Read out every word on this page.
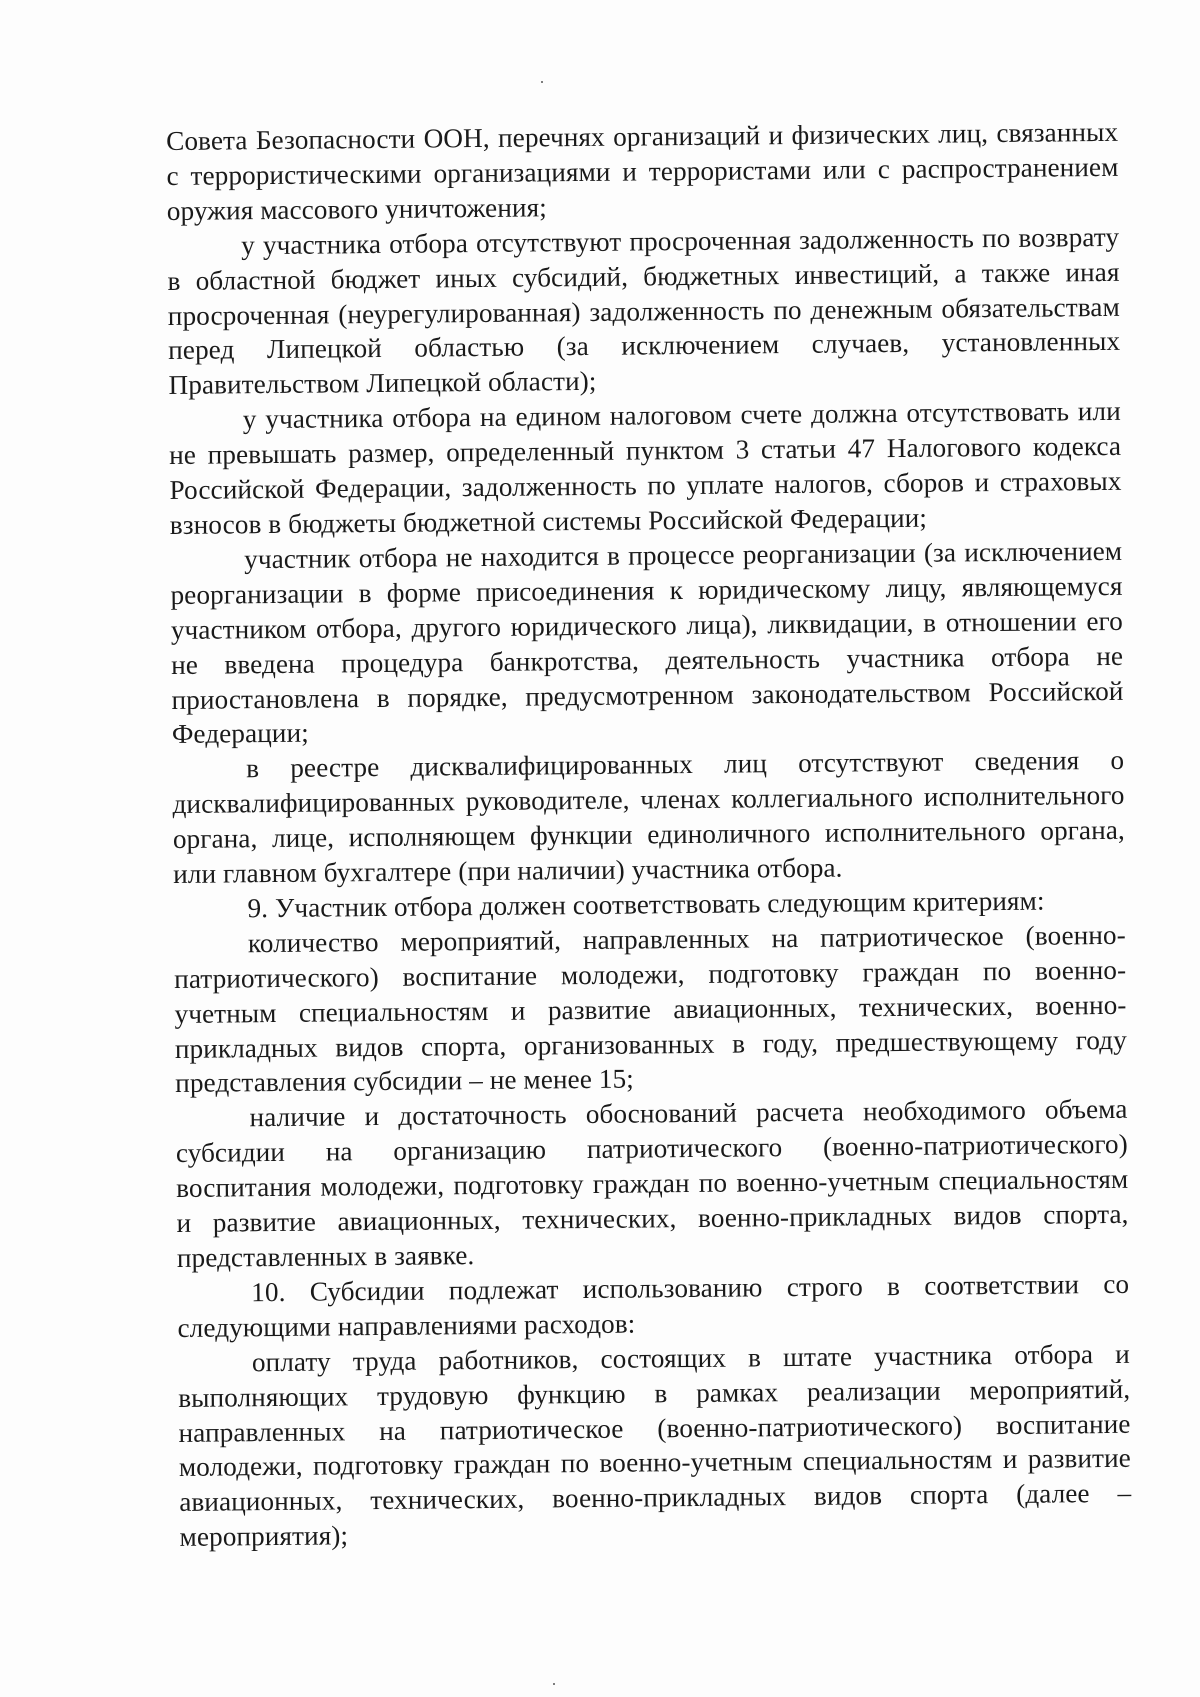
Совета Безопасности ООН, перечнях организаций и физических лиц, связанных с террористическими организациями и террористами или с распространением оружия массового уничтожения;

у участника отбора отсутствуют просроченная задолженность по возврату в областной бюджет иных субсидий, бюджетных инвестиций, а также иная просроченная (неурегулированная) задолженность по денежным обязательствам перед Липецкой областью (за исключением случаев, установленных Правительством Липецкой области);

у участника отбора на едином налоговом счете должна отсутствовать или не превышать размер, определенный пунктом 3 статьи 47 Налогового кодекса Российской Федерации, задолженность по уплате налогов, сборов и страховых взносов в бюджеты бюджетной системы Российской Федерации;

участник отбора не находится в процессе реорганизации (за исключением реорганизации в форме присоединения к юридическому лицу, являющемуся участником отбора, другого юридического лица), ликвидации, в отношении его не введена процедура банкротства, деятельность участника отбора не приостановлена в порядке, предусмотренном законодательством Российской Федерации;

в реестре дисквалифицированных лиц отсутствуют сведения о дисквалифицированных руководителе, членах коллегиального исполнительного органа, лице, исполняющем функции единоличного исполнительного органа, или главном бухгалтере (при наличии) участника отбора.

9. Участник отбора должен соответствовать следующим критериям:

количество мероприятий, направленных на патриотическое (военно-патриотического) воспитание молодежи, подготовку граждан по военно-учетным специальностям и развитие авиационных, технических, военно-прикладных видов спорта, организованных в году, предшествующему году представления субсидии – не менее 15;

наличие и достаточность обоснований расчета необходимого объема субсидии на организацию патриотического (военно-патриотического) воспитания молодежи, подготовку граждан по военно-учетным специальностям и развитие авиационных, технических, военно-прикладных видов спорта, представленных в заявке.

10. Субсидии подлежат использованию строго в соответствии со следующими направлениями расходов:

оплату труда работников, состоящих в штате участника отбора и выполняющих трудовую функцию в рамках реализации мероприятий, направленных на патриотическое (военно-патриотического) воспитание молодежи, подготовку граждан по военно-учетным специальностям и развитие авиационных, технических, военно-прикладных видов спорта (далее – мероприятия);
